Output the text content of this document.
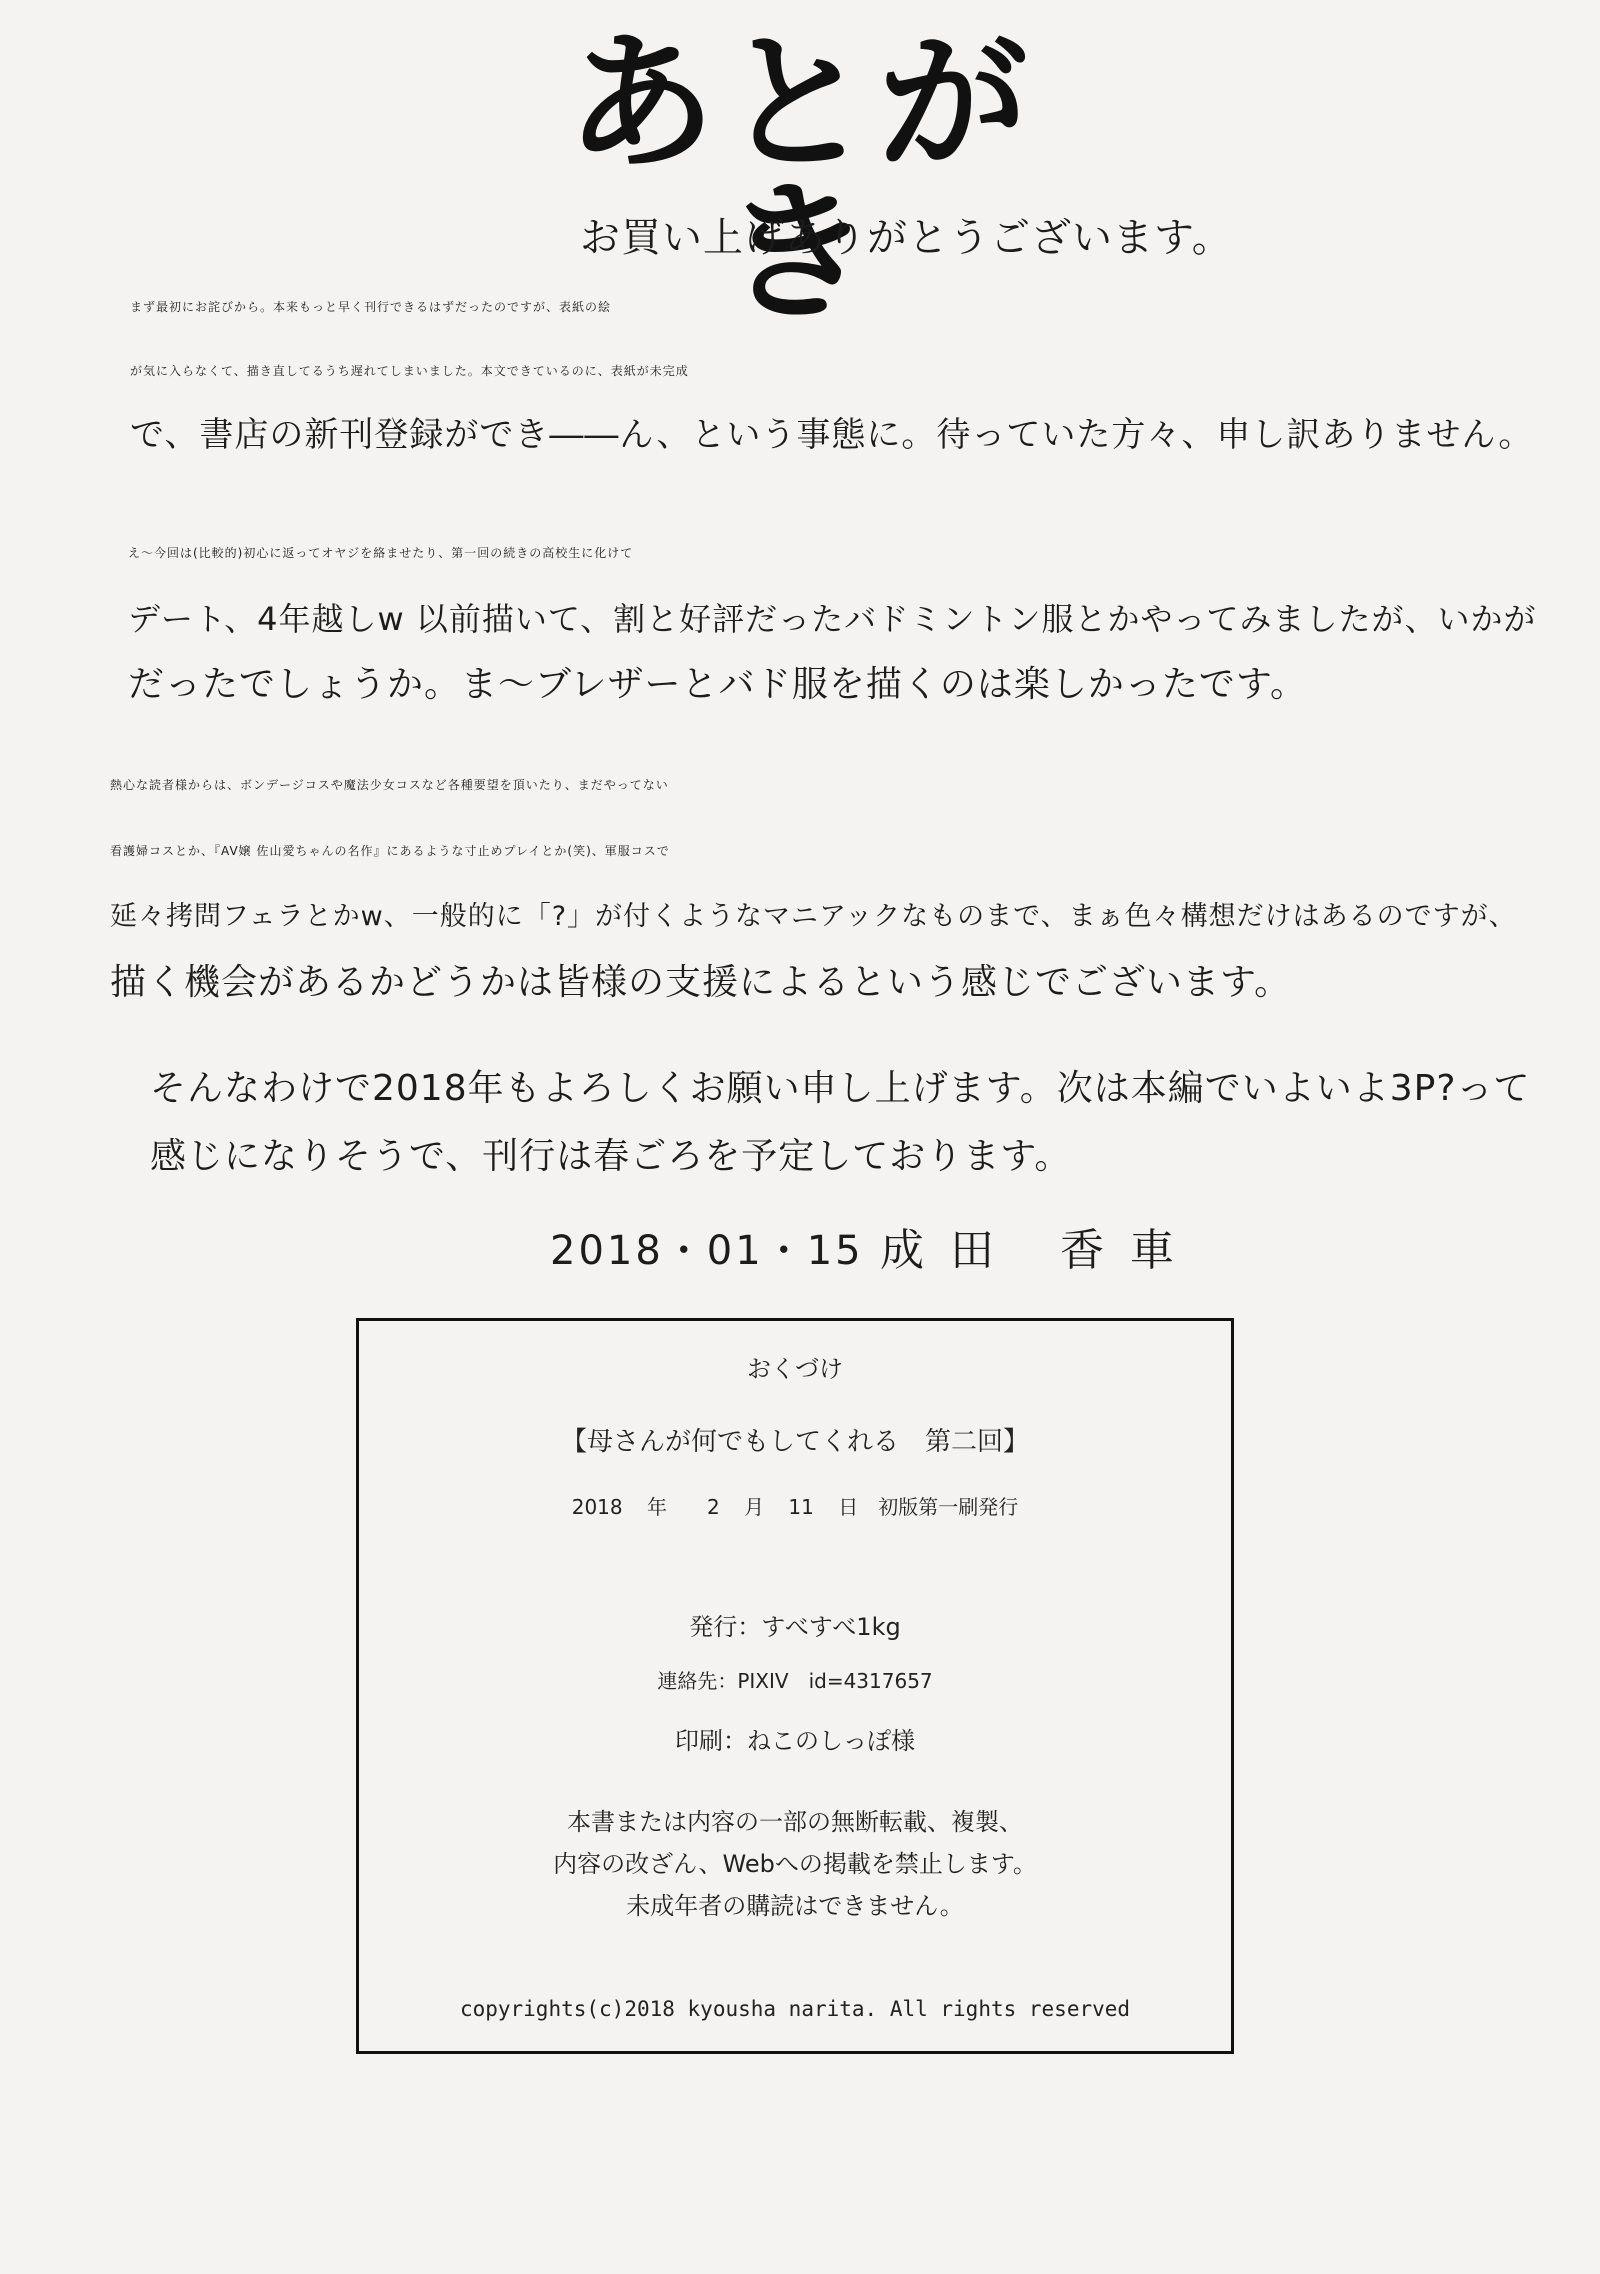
あとがき
お買い上げありがとうございます。
まず最初にお詫びから。本来もっと早く刊行できるはずだったのですが、表紙の絵
が気に入らなくて、描き直してるうち遅れてしまいました。本文できているのに、表紙が未完成
で、書店の新刊登録ができ――ん、という事態に。待っていた方々、申し訳ありません。
え～今回は(比較的)初心に返ってオヤジを絡ませたり、第一回の続きの高校生に化けて
デート、4年越しw 以前描いて、割と好評だったバドミントン服とかやってみましたが、いかが
だったでしょうか。ま～ブレザーとバド服を描くのは楽しかったです。
熱心な読者様からは、ボンデージコスや魔法少女コスなど各種要望を頂いたり、まだやってない
看護婦コスとか、『AV嬢 佐山愛ちゃんの名作』にあるような寸止めプレイとか(笑)、軍服コスで
延々拷問フェラとかw、一般的に「?」が付くようなマニアックなものまで、まぁ色々構想だけはあるのですが、
描く機会があるかどうかは皆様の支援によるという感じでございます。
そんなわけで2018年もよろしくお願い申し上げます。次は本編でいよいよ3P?って
感じになりそうで、刊行は春ごろを予定しております。
2018・01・15 成田 香車
おくづけ
【母さんが何でもしてくれる　第二回】
2018 年　　2 月 11 日　初版第一刷発行
発行：すべすべ1kg
連絡先：PIXIV　id=4317657
印刷：ねこのしっぽ様
本書または内容の一部の無断転載、複製、
内容の改ざん、Webへの掲載を禁止します。
未成年者の購読はできません。
copyrights(c)2018 kyousha narita. All rights reserved
